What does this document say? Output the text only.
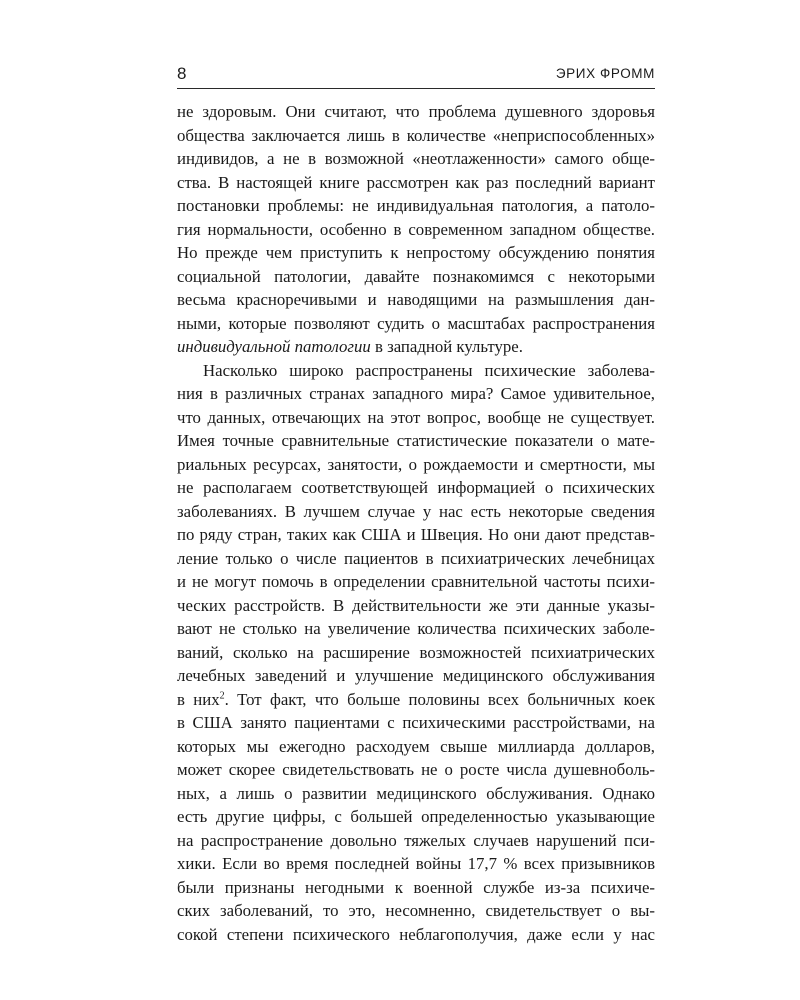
8	ЭРИХ ФРОММ
не здоровым. Они считают, что проблема душевного здоровья
общества заключается лишь в количестве «неприспособленных»
индивидов, а не в возможной «неотлаженности» самого обще-
ства. В настоящей книге рассмотрен как раз последний вариант
постановки проблемы: не индивидуальная патология, а патоло-
гия нормальности, особенно в современном западном обществе.
Но прежде чем приступить к непростому обсуждению понятия
социальной патологии, давайте познакомимся с некоторыми
весьма красноречивыми и наводящими на размышления дан-
ными, которые позволяют судить о масштабах распространения
индивидуальной патологии в западной культуре.
Насколько широко распространены психические заболева-
ния в различных странах западного мира? Самое удивительное,
что данных, отвечающих на этот вопрос, вообще не существует.
Имея точные сравнительные статистические показатели о мате-
риальных ресурсах, занятости, о рождаемости и смертности, мы
не располагаем соответствующей информацией о психических
заболеваниях. В лучшем случае у нас есть некоторые сведения
по ряду стран, таких как США и Швеция. Но они дают представ-
ление только о числе пациентов в психиатрических лечебницах
и не могут помочь в определении сравнительной частоты психи-
ческих расстройств. В действительности же эти данные указы-
вают не столько на увеличение количества психических заболе-
ваний, сколько на расширение возможностей психиатрических
лечебных заведений и улучшение медицинского обслуживания
в них$^2$. Тот факт, что больше половины всех больничных коек
в США занято пациентами с психическими расстройствами, на
которых мы ежегодно расходуем свыше миллиарда долларов,
может скорее свидетельствовать не о росте числа душевноболь-
ных, а лишь о развитии медицинского обслуживания. Однако
есть другие цифры, с большей определенностью указывающие
на распространение довольно тяжелых случаев нарушений пси-
хики. Если во время последней войны 17,7 % всех призывников
были признаны негодными к военной службе из-за психиче-
ских заболеваний, то это, несомненно, свидетельствует о вы-
сокой степени психического неблагополучия, даже если у нас
